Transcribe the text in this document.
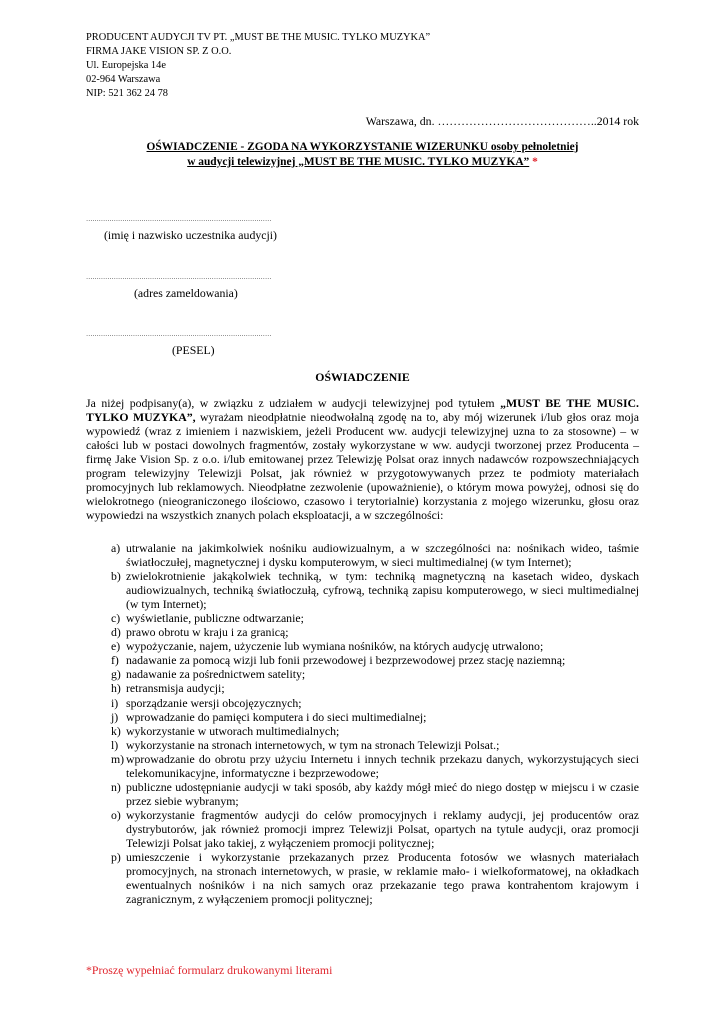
PRODUCENT AUDYCJI TV PT. „MUST BE THE MUSIC. TYLKO MUZYKA”
FIRMA JAKE VISION SP. Z O.O.
Ul. Europejska 14e
02-964 Warszawa
NIP: 521 362 24 78
Warszawa, dn. …………………………………..2014 rok
OŚWIADCZENIE - ZGODA NA WYKORZYSTANIE WIZERUNKU osoby pełnoletniej
w audycji telewizyjnej „MUST BE THE MUSIC. TYLKO MUZYKA” *
……………………………………………………………………………
(imię i nazwisko uczestnika audycji)
……………………………………………………………………………
(adres zameldowania)
……………………………………………………………………………
(PESEL)
OŚWIADCZENIE

Ja niżej podpisany(a), w związku z udziałem w audycji telewizyjnej pod tytułem „MUST BE THE MUSIC. TYLKO MUZYKA”, wyrażam nieodpłatnie nieodwołalną zgodę na to, aby mój wizerunek i/lub głos oraz moja wypowiedź (wraz z imieniem i nazwiskiem, jeżeli Producent ww. audycji telewizyjnej uzna to za stosowne) – w całości lub w postaci dowolnych fragmentów, zostały wykorzystane w ww. audycji tworzonej przez Producenta – firmę Jake Vision Sp. z o.o. i/lub emitowanej przez Telewizję Polsat oraz innych nadawców rozpowszechniających program telewizyjny Telewizji Polsat, jak również w przygotowywanych przez te podmioty materiałach promocyjnych lub reklamowych. Nieodpłatne zezwolenie (upoważnienie), o którym mowa powyżej, odnosi się do wielokrotnego (nieograniczonego ilościowo, czasowo i terytorialnie) korzystania z mojego wizerunku, głosu oraz wypowiedzi na wszystkich znanych polach eksploatacji, a w szczególności:

a) utrwalanie na jakimkolwiek nośniku audiowizualnym, a w szczególności na: nośnikach wideo, taśmie światłoczułej, magnetycznej i dysku komputerowym, w sieci multimedialnej (w tym Internet);
b) zwielokrotnienie jakąkolwiek techniką, w tym: techniką magnetyczną na kasetach wideo, dyskach audiowizualnych, techniką światłoczułą, cyfrową, techniką zapisu komputerowego, w sieci multimedialnej (w tym Internet);
c) wyświetlanie, publiczne odtwarzanie;
d) prawo obrotu w kraju i za granicą;
e) wypożyczanie, najem, użyczenie lub wymiana nośników, na których audycję utrwalono;
f) nadawanie za pomocą wizji lub fonii przewodowej i bezprzewodowej przez stację naziemną;
g) nadawanie za pośrednictwem satelity;
h) retransmisja audycji;
i) sporządzanie wersji obcojęzycznych;
j) wprowadzanie do pamięci komputera i do sieci multimedialnej;
k) wykorzystanie w utworach multimedialnych;
l) wykorzystanie na stronach internetowych, w tym na stronach Telewizji Polsat.;
m) wprowadzanie do obrotu przy użyciu Internetu i innych technik przekazu danych, wykorzystujących sieci telekomunikacyjne, informatyczne i bezprzewodowe;
n) publiczne udostępnianie audycji w taki sposób, aby każdy mógł mieć do niego dostęp w miejscu i w czasie przez siebie wybranym;
o) wykorzystanie fragmentów audycji do celów promocyjnych i reklamy audycji, jej producentów oraz dystrybutorów, jak również promocji imprez Telewizji Polsat, opartych na tytule audycji, oraz promocji Telewizji Polsat jako takiej, z wyłączeniem promocji politycznej;
p) umieszczenie i wykorzystanie przekazanych przez Producenta fotosów we własnych materiałach promocyjnych, na stronach internetowych, w prasie, w reklamie mało- i wielkoformatowej, na okładkach ewentualnych nośników i na nich samych oraz przekazanie tego prawa kontrahentom krajowym i zagranicznym, z wyłączeniem promocji politycznej;
*Proszę wypełniać formularz drukowanymi literami
